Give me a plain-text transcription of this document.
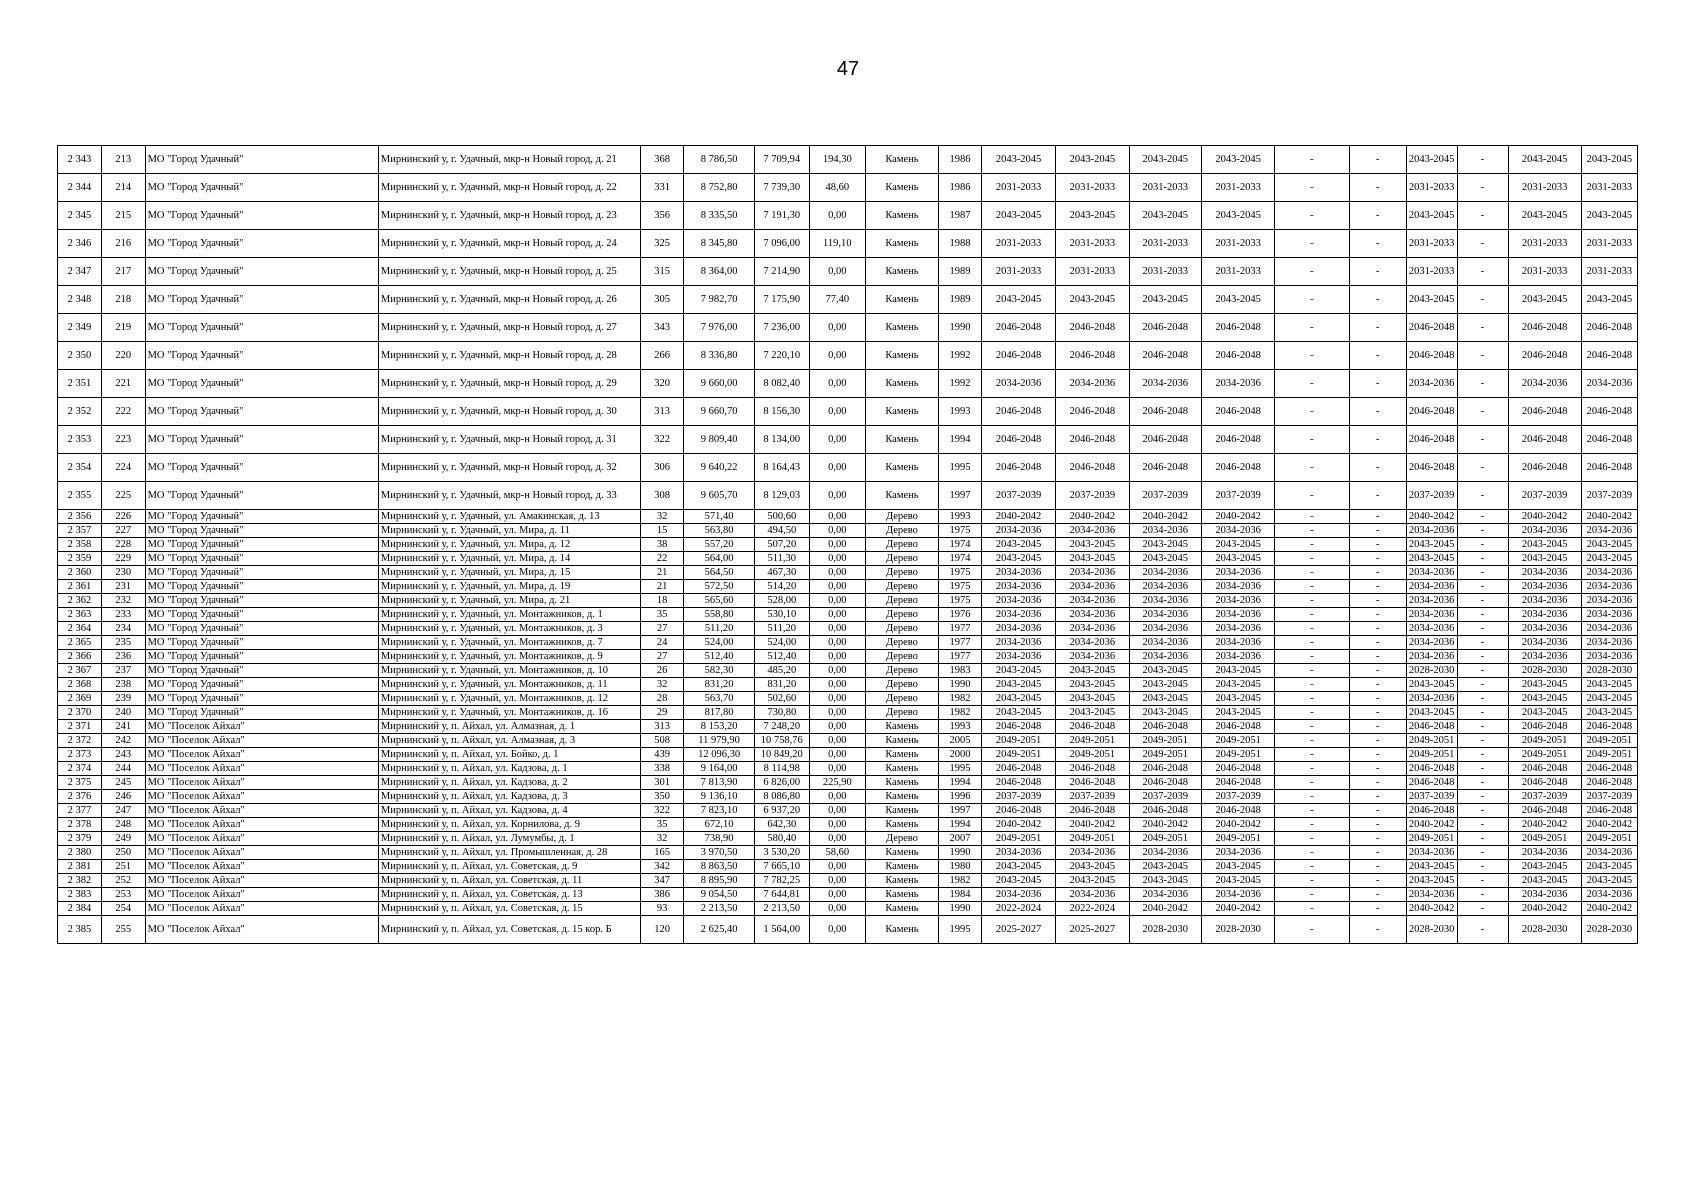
47
2 343	213	МО "Город Удачный"	Мирнинский у, г. Удачный, мкр-н Новый город, д. 21	368	8 786,50	7 709,94	194,30	Камень	1986	2043-2045	2043-2045	2043-2045	2043-2045	-	-	2043-2045	-	2043-2045	2043-2045
2 344	214	МО "Город Удачный"	Мирнинский у, г. Удачный, мкр-н Новый город, д. 22	331	8 752,80	7 739,30	48,60	Камень	1986	2031-2033	2031-2033	2031-2033	2031-2033	-	-	2031-2033	-	2031-2033	2031-2033
2 345	215	МО "Город Удачный"	Мирнинский у, г. Удачный, мкр-н Новый город, д. 23	356	8 335,50	7 191,30	0,00	Камень	1987	2043-2045	2043-2045	2043-2045	2043-2045	-	-	2043-2045	-	2043-2045	2043-2045
2 346	216	МО "Город Удачный"	Мирнинский у, г. Удачный, мкр-н Новый город, д. 24	325	8 345,80	7 096,00	119,10	Камень	1988	2031-2033	2031-2033	2031-2033	2031-2033	-	-	2031-2033	-	2031-2033	2031-2033
2 347	217	МО "Город Удачный"	Мирнинский у, г. Удачный, мкр-н Новый город, д. 25	315	8 364,00	7 214,90	0,00	Камень	1989	2031-2033	2031-2033	2031-2033	2031-2033	-	-	2031-2033	-	2031-2033	2031-2033
2 348	218	МО "Город Удачный"	Мирнинский у, г. Удачный, мкр-н Новый город, д. 26	305	7 982,70	7 175,90	77,40	Камень	1989	2043-2045	2043-2045	2043-2045	2043-2045	-	-	2043-2045	-	2043-2045	2043-2045
2 349	219	МО "Город Удачный"	Мирнинский у, г. Удачный, мкр-н Новый город, д. 27	343	7 976,00	7 236,00	0,00	Камень	1990	2046-2048	2046-2048	2046-2048	2046-2048	-	-	2046-2048	-	2046-2048	2046-2048
2 350	220	МО "Город Удачный"	Мирнинский у, г. Удачный, мкр-н Новый город, д. 28	266	8 336,80	7 220,10	0,00	Камень	1992	2046-2048	2046-2048	2046-2048	2046-2048	-	-	2046-2048	-	2046-2048	2046-2048
2 351	221	МО "Город Удачный"	Мирнинский у, г. Удачный, мкр-н Новый город, д. 29	320	9 660,00	8 082,40	0,00	Камень	1992	2034-2036	2034-2036	2034-2036	2034-2036	-	-	2034-2036	-	2034-2036	2034-2036
2 352	222	МО "Город Удачный"	Мирнинский у, г. Удачный, мкр-н Новый город, д. 30	313	9 660,70	8 156,30	0,00	Камень	1993	2046-2048	2046-2048	2046-2048	2046-2048	-	-	2046-2048	-	2046-2048	2046-2048
2 353	223	МО "Город Удачный"	Мирнинский у, г. Удачный, мкр-н Новый город, д. 31	322	9 809,40	8 134,00	0,00	Камень	1994	2046-2048	2046-2048	2046-2048	2046-2048	-	-	2046-2048	-	2046-2048	2046-2048
2 354	224	МО "Город Удачный"	Мирнинский у, г. Удачный, мкр-н Новый город, д. 32	306	9 640,22	8 164,43	0,00	Камень	1995	2046-2048	2046-2048	2046-2048	2046-2048	-	-	2046-2048	-	2046-2048	2046-2048
2 355	225	МО "Город Удачный"	Мирнинский у, г. Удачный, мкр-н Новый город, д. 33	308	9 605,70	8 129,03	0,00	Камень	1997	2037-2039	2037-2039	2037-2039	2037-2039	-	-	2037-2039	-	2037-2039	2037-2039
2 356	226	МО "Город Удачный"	Мирнинский у, г. Удачный, ул. Амакинская, д. 13	32	571,40	500,60	0,00	Дерево	1993	2040-2042	2040-2042	2040-2042	2040-2042	-	-	2040-2042	-	2040-2042	2040-2042
2 357	227	МО "Город Удачный"	Мирнинский у, г. Удачный, ул. Мира, д. 11	15	563,80	494,50	0,00	Дерево	1975	2034-2036	2034-2036	2034-2036	2034-2036	-	-	2034-2036	-	2034-2036	2034-2036
2 358	228	МО "Город Удачный"	Мирнинский у, г. Удачный, ул. Мира, д. 12	38	557,20	507,20	0,00	Дерево	1974	2043-2045	2043-2045	2043-2045	2043-2045	-	-	2043-2045	-	2043-2045	2043-2045
2 359	229	МО "Город Удачный"	Мирнинский у, г. Удачный, ул. Мира, д. 14	22	564,00	511,30	0,00	Дерево	1974	2043-2045	2043-2045	2043-2045	2043-2045	-	-	2043-2045	-	2043-2045	2043-2045
2 360	230	МО "Город Удачный"	Мирнинский у, г. Удачный, ул. Мира, д. 15	21	564,50	467,30	0,00	Дерево	1975	2034-2036	2034-2036	2034-2036	2034-2036	-	-	2034-2036	-	2034-2036	2034-2036
2 361	231	МО "Город Удачный"	Мирнинский у, г. Удачный, ул. Мира, д. 19	21	572,50	514,20	0,00	Дерево	1975	2034-2036	2034-2036	2034-2036	2034-2036	-	-	2034-2036	-	2034-2036	2034-2036
2 362	232	МО "Город Удачный"	Мирнинский у, г. Удачный, ул. Мира, д. 21	18	565,60	528,00	0,00	Дерево	1975	2034-2036	2034-2036	2034-2036	2034-2036	-	-	2034-2036	-	2034-2036	2034-2036
2 363	233	МО "Город Удачный"	Мирнинский у, г. Удачный, ул. Монтажников, д. 1	35	558,80	530,10	0,00	Дерево	1976	2034-2036	2034-2036	2034-2036	2034-2036	-	-	2034-2036	-	2034-2036	2034-2036
2 364	234	МО "Город Удачный"	Мирнинский у, г. Удачный, ул. Монтажников, д. 3	27	511,20	511,20	0,00	Дерево	1977	2034-2036	2034-2036	2034-2036	2034-2036	-	-	2034-2036	-	2034-2036	2034-2036
2 365	235	МО "Город Удачный"	Мирнинский у, г. Удачный, ул. Монтажников, д. 7	24	524,00	524,00	0,00	Дерево	1977	2034-2036	2034-2036	2034-2036	2034-2036	-	-	2034-2036	-	2034-2036	2034-2036
2 366	236	МО "Город Удачный"	Мирнинский у, г. Удачный, ул. Монтажников, д. 9	27	512,40	512,40	0,00	Дерево	1977	2034-2036	2034-2036	2034-2036	2034-2036	-	-	2034-2036	-	2034-2036	2034-2036
2 367	237	МО "Город Удачный"	Мирнинский у, г. Удачный, ул. Монтажников, д. 10	26	582,30	485,20	0,00	Дерево	1983	2043-2045	2043-2045	2043-2045	2043-2045	-	-	2028-2030	-	2028-2030	2028-2030
2 368	238	МО "Город Удачный"	Мирнинский у, г. Удачный, ул. Монтажников, д. 11	32	831,20	831,20	0,00	Дерево	1990	2043-2045	2043-2045	2043-2045	2043-2045	-	-	2043-2045	-	2043-2045	2043-2045
2 369	239	МО "Город Удачный"	Мирнинский у, г. Удачный, ул. Монтажников, д. 12	28	563,70	502,60	0,00	Дерево	1982	2043-2045	2043-2045	2043-2045	2043-2045	-	-	2034-2036	-	2043-2045	2043-2045
2 370	240	МО "Город Удачный"	Мирнинский у, г. Удачный, ул. Монтажников, д. 16	29	817,80	730,80	0,00	Дерево	1982	2043-2045	2043-2045	2043-2045	2043-2045	-	-	2043-2045	-	2043-2045	2043-2045
2 371	241	МО "Поселок Айхал"	Мирнинский у, п. Айхал, ул. Алмазная, д. 1	313	8 153,20	7 248,20	0,00	Камень	1993	2046-2048	2046-2048	2046-2048	2046-2048	-	-	2046-2048	-	2046-2048	2046-2048
2 372	242	МО "Поселок Айхал"	Мирнинский у, п. Айхал, ул. Алмазная, д. 3	508	11 979,90	10 758,76	0,00	Камень	2005	2049-2051	2049-2051	2049-2051	2049-2051	-	-	2049-2051	-	2049-2051	2049-2051
2 373	243	МО "Поселок Айхал"	Мирнинский у, п. Айхал, ул. Бойко, д. 1	439	12 096,30	10 849,20	0,00	Камень	2000	2049-2051	2049-2051	2049-2051	2049-2051	-	-	2049-2051	-	2049-2051	2049-2051
2 374	244	МО "Поселок Айхал"	Мирнинский у, п. Айхал, ул. Кадзова, д. 1	338	9 164,00	8 114,98	0,00	Камень	1995	2046-2048	2046-2048	2046-2048	2046-2048	-	-	2046-2048	-	2046-2048	2046-2048
2 375	245	МО "Поселок Айхал"	Мирнинский у, п. Айхал, ул. Кадзова, д. 2	301	7 813,90	6 826,00	225,90	Камень	1994	2046-2048	2046-2048	2046-2048	2046-2048	-	-	2046-2048	-	2046-2048	2046-2048
2 376	246	МО "Поселок Айхал"	Мирнинский у, п. Айхал, ул. Кадзова, д. 3	350	9 136,10	8 086,80	0,00	Камень	1996	2037-2039	2037-2039	2037-2039	2037-2039	-	-	2037-2039	-	2037-2039	2037-2039
2 377	247	МО "Поселок Айхал"	Мирнинский у, п. Айхал, ул. Кадзова, д. 4	322	7 823,10	6 937,20	0,00	Камень	1997	2046-2048	2046-2048	2046-2048	2046-2048	-	-	2046-2048	-	2046-2048	2046-2048
2 378	248	МО "Поселок Айхал"	Мирнинский у, п. Айхал, ул. Корнилова, д. 9	35	672,10	642,30	0,00	Камень	1994	2040-2042	2040-2042	2040-2042	2040-2042	-	-	2040-2042	-	2040-2042	2040-2042
2 379	249	МО "Поселок Айхал"	Мирнинский у, п. Айхал, ул. Лумумбы, д. 1	32	738,90	580,40	0,00	Дерево	2007	2049-2051	2049-2051	2049-2051	2049-2051	-	-	2049-2051	-	2049-2051	2049-2051
2 380	250	МО "Поселок Айхал"	Мирнинский у, п. Айхал, ул. Промышленная, д. 28	165	3 970,50	3 530,20	58,60	Камень	1990	2034-2036	2034-2036	2034-2036	2034-2036	-	-	2034-2036	-	2034-2036	2034-2036
2 381	251	МО "Поселок Айхал"	Мирнинский у, п. Айхал, ул. Советская, д. 9	342	8 863,50	7 665,10	0,00	Камень	1980	2043-2045	2043-2045	2043-2045	2043-2045	-	-	2043-2045	-	2043-2045	2043-2045
2 382	252	МО "Поселок Айхал"	Мирнинский у, п. Айхал, ул. Советская, д. 11	347	8 895,90	7 782,25	0,00	Камень	1982	2043-2045	2043-2045	2043-2045	2043-2045	-	-	2043-2045	-	2043-2045	2043-2045
2 383	253	МО "Поселок Айхал"	Мирнинский у, п. Айхал, ул. Советская, д. 13	386	9 054,50	7 644,81	0,00	Камень	1984	2034-2036	2034-2036	2034-2036	2034-2036	-	-	2034-2036	-	2034-2036	2034-2036
2 384	254	МО "Поселок Айхал"	Мирнинский у, п. Айхал, ул. Советская, д. 15	93	2 213,50	2 213,50	0,00	Камень	1990	2022-2024	2022-2024	2040-2042	2040-2042	-	-	2040-2042	-	2040-2042	2040-2042
2 385	255	МО "Поселок Айхал"	Мирнинский у, п. Айхал, ул. Советская, д. 15 кор. Б	120	2 625,40	1 564,00	0,00	Камень	1995	2025-2027	2025-2027	2028-2030	2028-2030	-	-	2028-2030	-	2028-2030	2028-2030
